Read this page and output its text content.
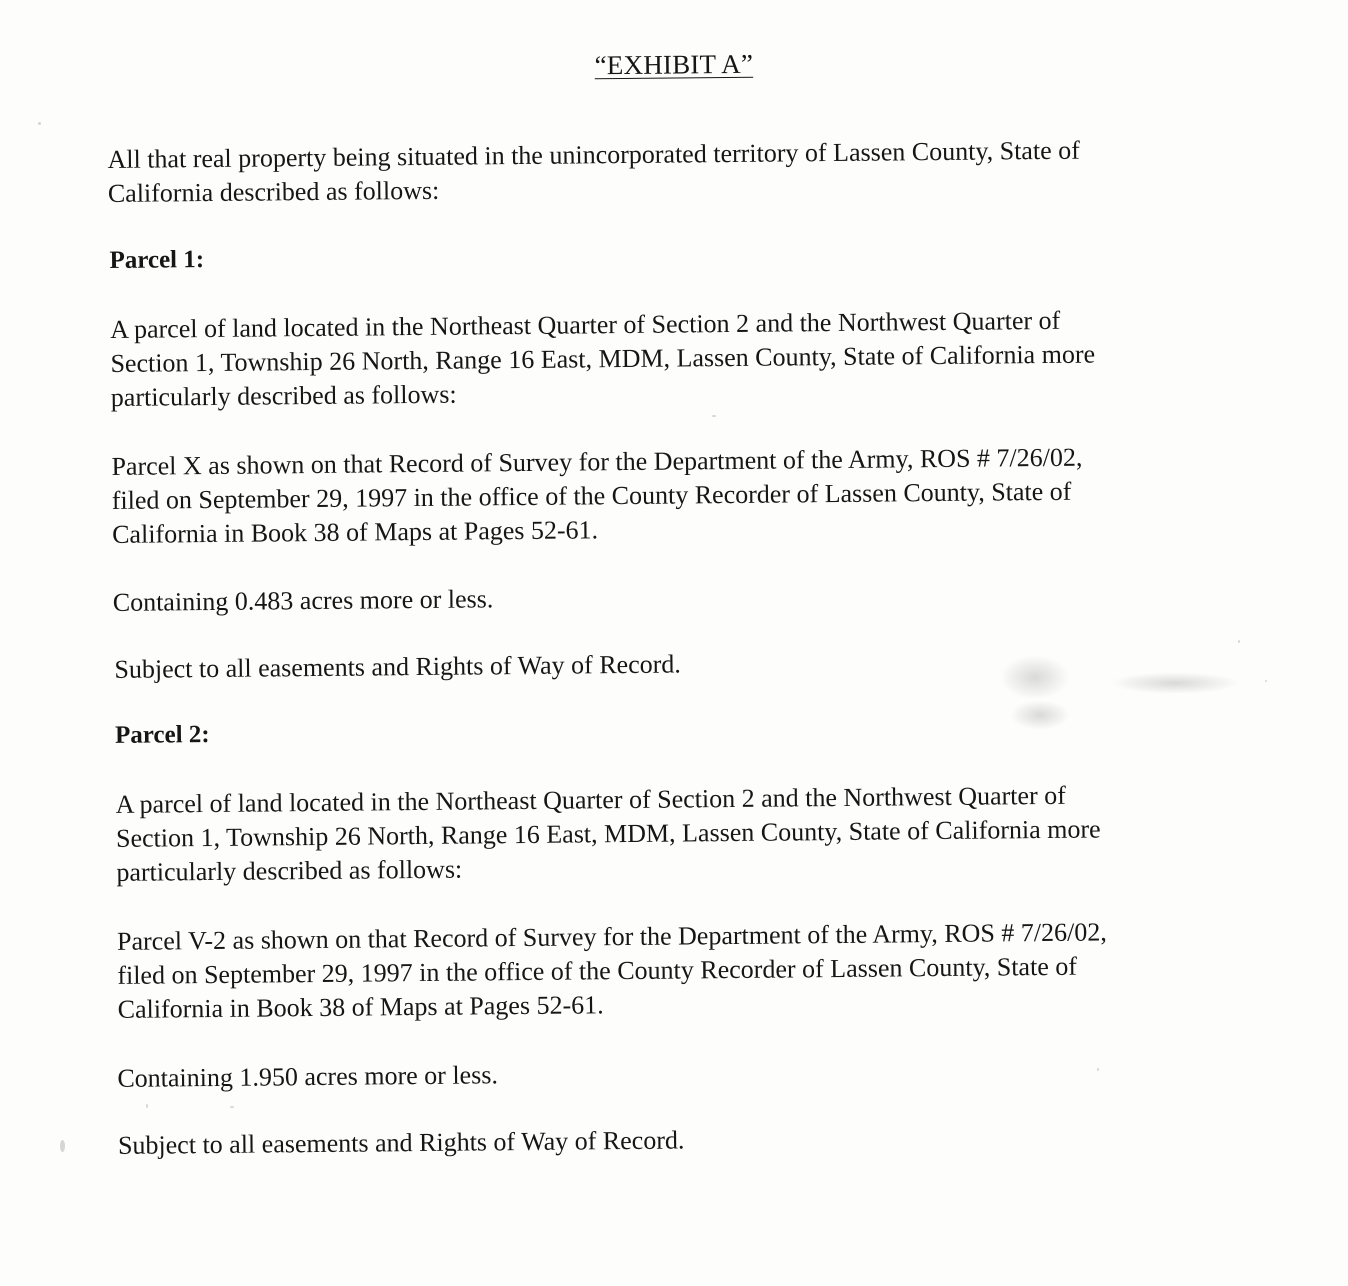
“EXHIBIT A”

All that real property being situated in the unincorporated territory of Lassen County, State of
California described as follows:

Parcel 1:

A parcel of land located in the Northeast Quarter of Section 2 and the Northwest Quarter of
Section 1, Township 26 North, Range 16 East, MDM, Lassen County, State of California more
particularly described as follows:

Parcel X as shown on that Record of Survey for the Department of the Army, ROS # 7/26/02,
filed on September 29, 1997 in the office of the County Recorder of Lassen County, State of
California in Book 38 of Maps at Pages 52-61.

Containing 0.483 acres more or less.

Subject to all easements and Rights of Way of Record.

Parcel 2:

A parcel of land located in the Northeast Quarter of Section 2 and the Northwest Quarter of
Section 1, Township 26 North, Range 16 East, MDM, Lassen County, State of California more
particularly described as follows:

Parcel V-2 as shown on that Record of Survey for the Department of the Army, ROS # 7/26/02,
filed on September 29, 1997 in the office of the County Recorder of Lassen County, State of
California in Book 38 of Maps at Pages 52-61.

Containing 1.950 acres more or less.

Subject to all easements and Rights of Way of Record.
